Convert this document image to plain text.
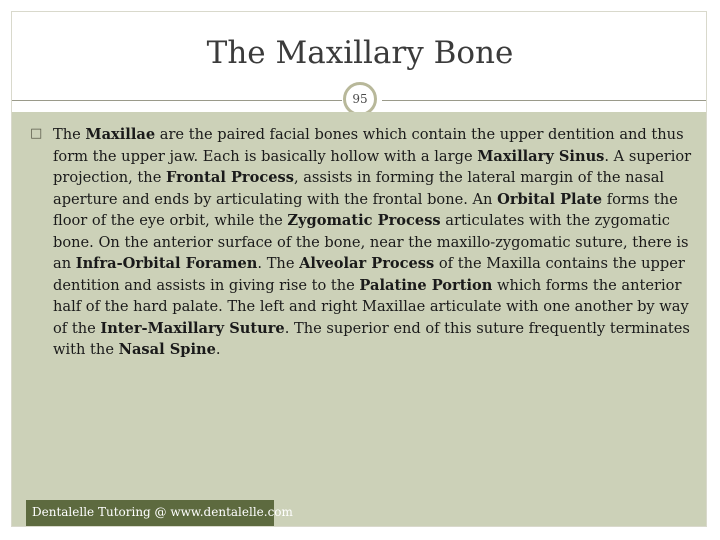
The Maxillary Bone
95
□ The Maxillae are the paired facial bones which contain the upper dentition and thus form the upper jaw. Each is basically hollow with a large Maxillary Sinus. A superior projection, the Frontal Process, assists in forming the lateral margin of the nasal aperture and ends by articulating with the frontal bone. An Orbital Plate forms the floor of the eye orbit, while the Zygomatic Process articulates with the zygomatic bone. On the anterior surface of the bone, near the maxillo-zygomatic suture, there is an Infra-Orbital Foramen. The Alveolar Process of the Maxilla contains the upper dentition and assists in giving rise to the Palatine Portion which forms the anterior half of the hard palate. The left and right Maxillae articulate with one another by way of the Inter-Maxillary Suture. The superior end of this suture frequently terminates with the Nasal Spine.
Dentalelle Tutoring @ www.dentalelle.com
